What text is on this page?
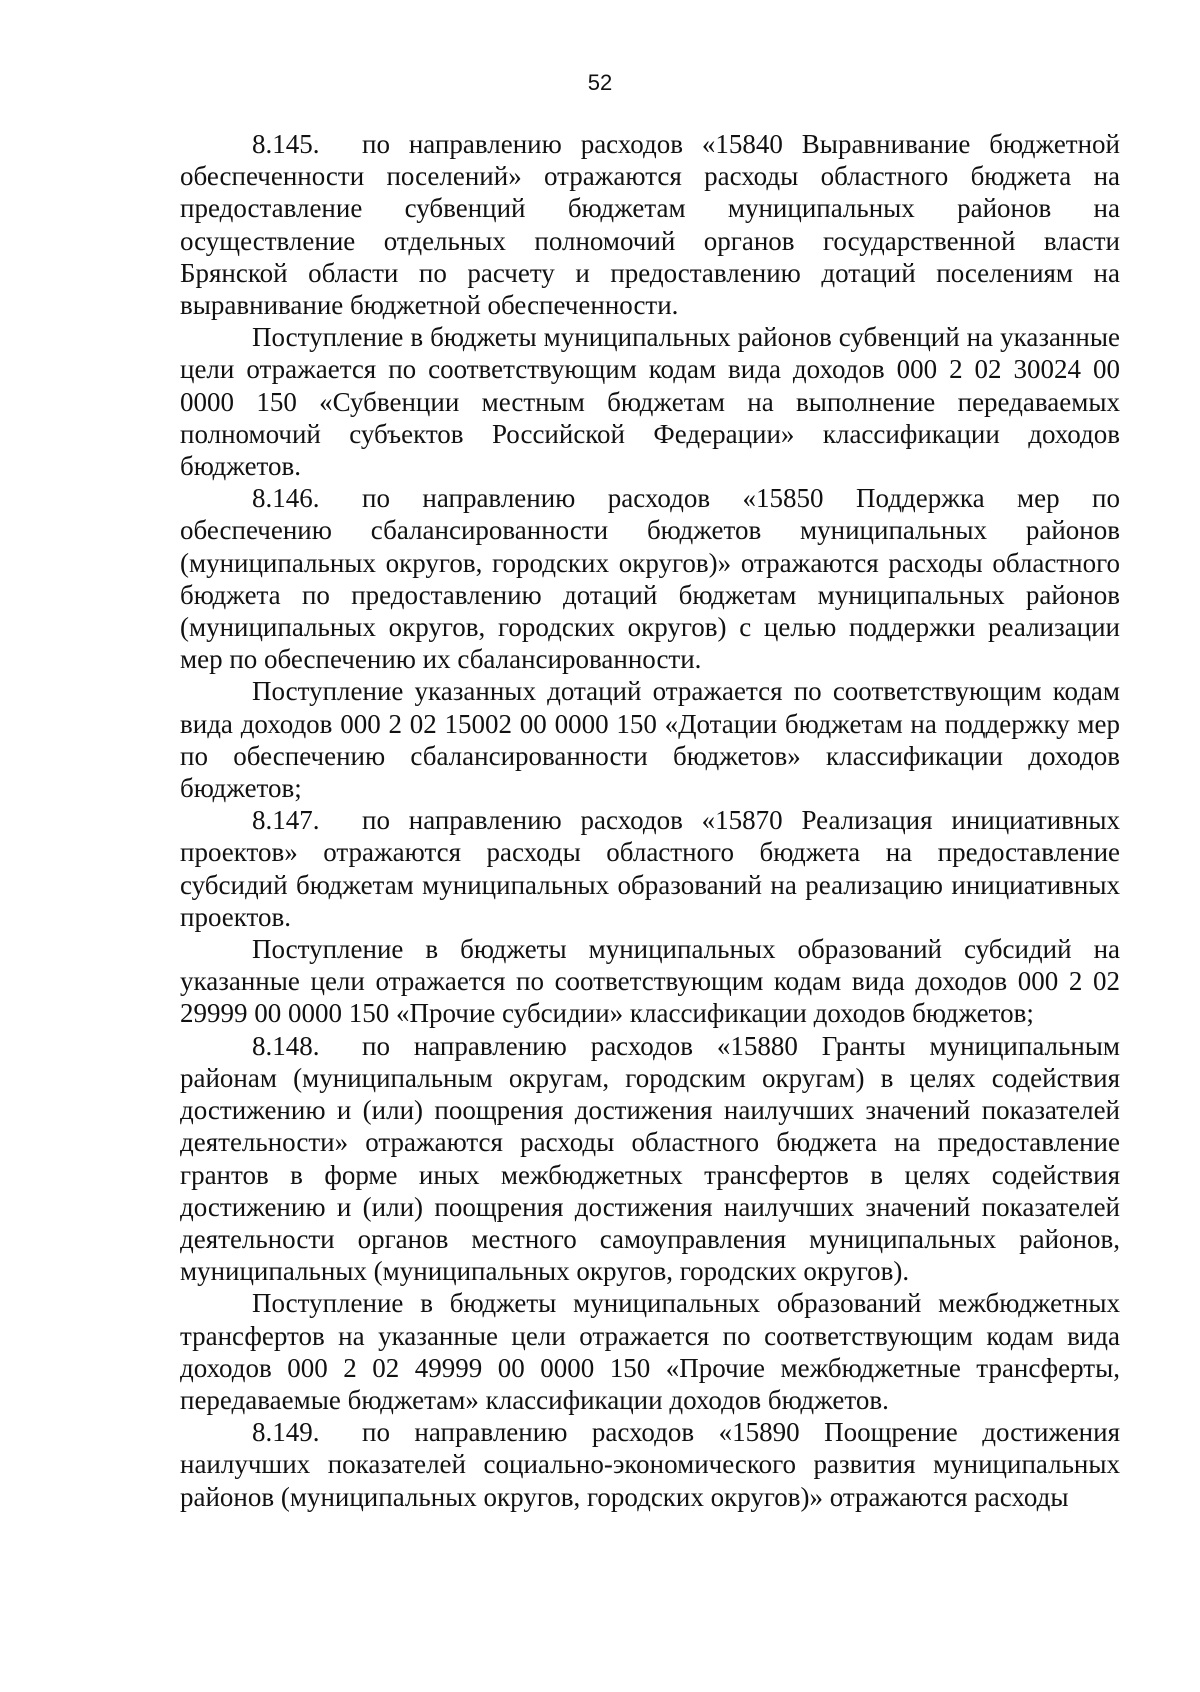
52

8.145. по направлению расходов «15840 Выравнивание бюджетной обеспеченности поселений» отражаются расходы областного бюджета на предоставление субвенций бюджетам муниципальных районов на осуществление отдельных полномочий органов государственной власти Брянской области по расчету и предоставлению дотаций поселениям на выравнивание бюджетной обеспеченности.

Поступление в бюджеты муниципальных районов субвенций на указанные цели отражается по соответствующим кодам вида доходов 000 2 02 30024 00 0000 150 «Субвенции местным бюджетам на выполнение передаваемых полномочий субъектов Российской Федерации» классификации доходов бюджетов.

8.146. по направлению расходов «15850 Поддержка мер по обеспечению сбалансированности бюджетов муниципальных районов (муниципальных округов, городских округов)» отражаются расходы областного бюджета по предоставлению дотаций бюджетам муниципальных районов (муниципальных округов, городских округов) с целью поддержки реализации мер по обеспечению их сбалансированности.

Поступление указанных дотаций отражается по соответствующим кодам вида доходов 000 2 02 15002 00 0000 150 «Дотации бюджетам на поддержку мер по обеспечению сбалансированности бюджетов» классификации доходов бюджетов;

8.147. по направлению расходов «15870 Реализация инициативных проектов» отражаются расходы областного бюджета на предоставление субсидий бюджетам муниципальных образований на реализацию инициативных проектов.

Поступление в бюджеты муниципальных образований субсидий на указанные цели отражается по соответствующим кодам вида доходов 000 2 02 29999 00 0000 150 «Прочие субсидии» классификации доходов бюджетов;

8.148. по направлению расходов «15880 Гранты муниципальным районам (муниципальным округам, городским округам) в целях содействия достижению и (или) поощрения достижения наилучших значений показателей деятельности» отражаются расходы областного бюджета на предоставление грантов в форме иных межбюджетных трансфертов в целях содействия достижению и (или) поощрения достижения наилучших значений показателей деятельности органов местного самоуправления муниципальных районов, муниципальных (муниципальных округов, городских округов).

Поступление в бюджеты муниципальных образований межбюджетных трансфертов на указанные цели отражается по соответствующим кодам вида доходов 000 2 02 49999 00 0000 150 «Прочие межбюджетные трансферты, передаваемые бюджетам» классификации доходов бюджетов.

8.149. по направлению расходов «15890 Поощрение достижения наилучших показателей социально-экономического развития муниципальных районов (муниципальных округов, городских округов)» отражаются расходы
